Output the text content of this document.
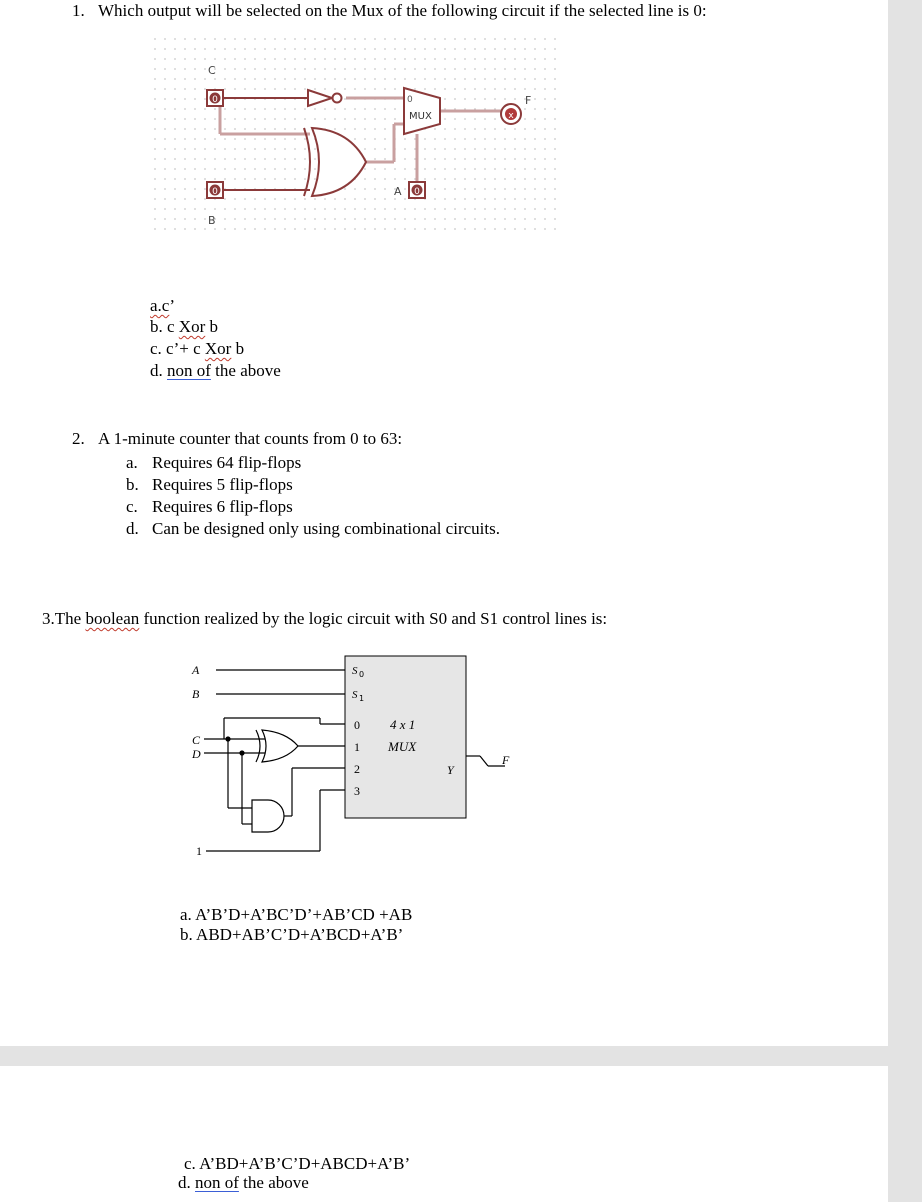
1. Which output will be selected on the Mux of the following circuit if the selected line is 0:
C
0
0
B
0
MUX
A 0
x
F
a.c’
b. c Xor b
c. c’+ c Xor b
d. non of the above
2. A 1-minute counter that counts from 0 to 63:
a. Requires 64 flip-flops
b. Requires 5 flip-flops
c. Requires 6 flip-flops
d. Can be designed only using combinational circuits.
3.The boolean function realized by the logic circuit with S0 and S1 control lines is:
A
B
C
D
1
S 0
S 1
0
1
2
3
4 x 1
MUX
Y
F
a. A’B’D+A’BC’D’+AB’CD +AB
b. ABD+AB’C’D+A’BCD+A’B’
c. A’BD+A’B’C’D+ABCD+A’B’
d. non of the above
